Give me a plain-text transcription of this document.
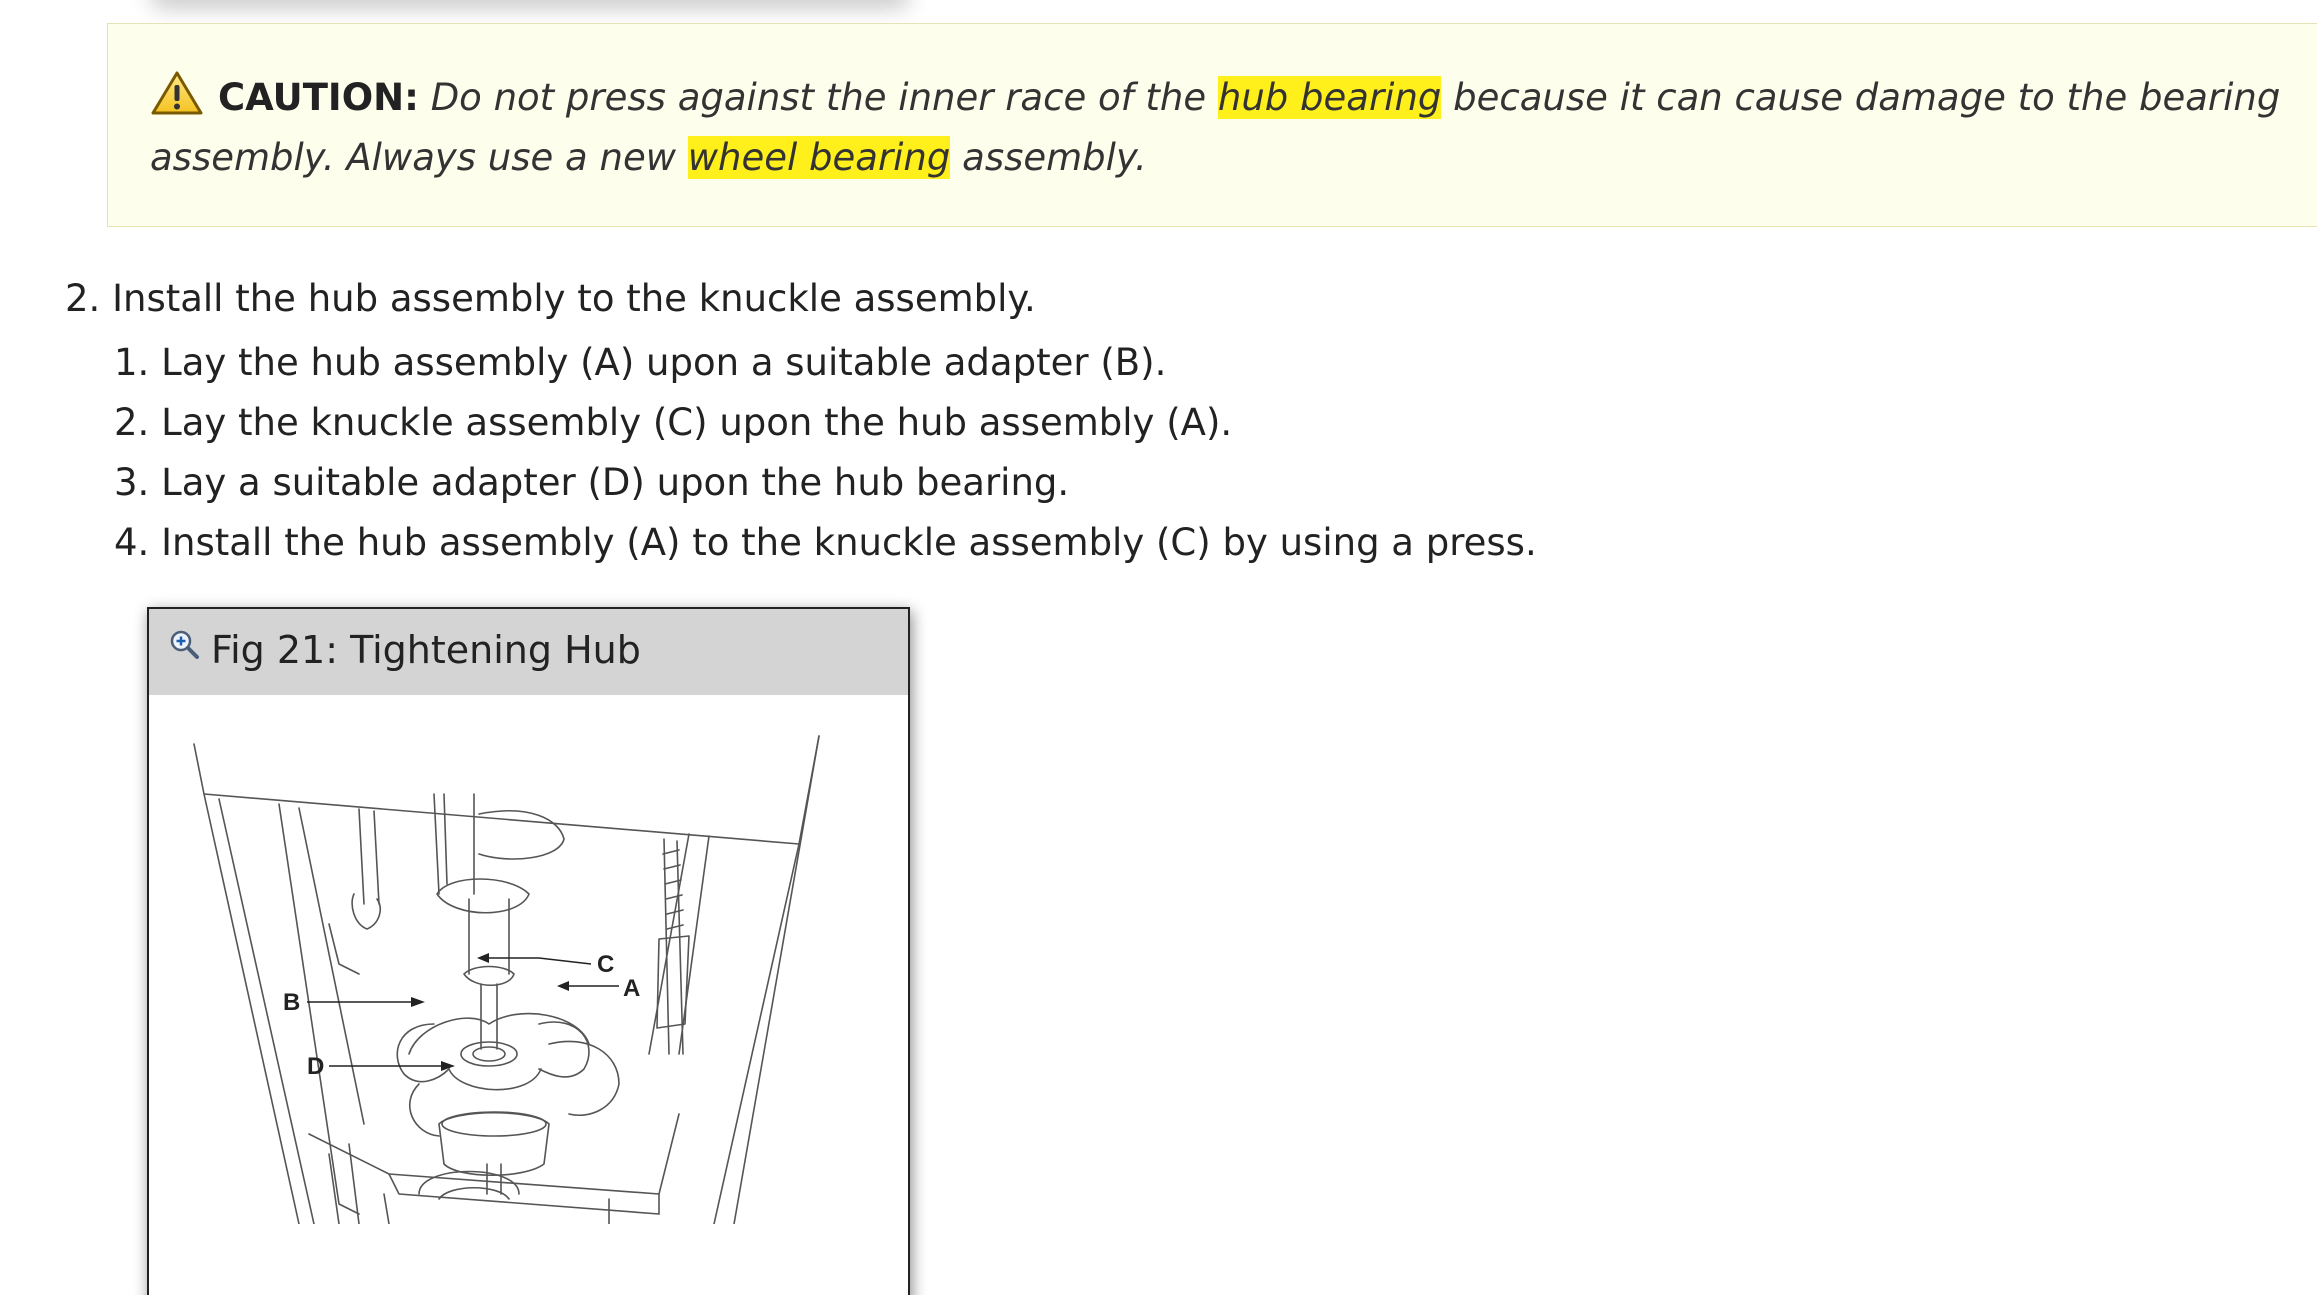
CAUTION: Do not press against the inner race of the hub bearing because it can cause damage to the bearing assembly. Always use a new wheel bearing assembly.
2. Install the hub assembly to the knuckle assembly.
1. Lay the hub assembly (A) upon a suitable adapter (B).
2. Lay the knuckle assembly (C) upon the hub assembly (A).
3. Lay a suitable adapter (D) upon the hub bearing.
4. Install the hub assembly (A) to the knuckle assembly (C) by using a press.
Fig 21: Tightening Hub
B
C
A
D
